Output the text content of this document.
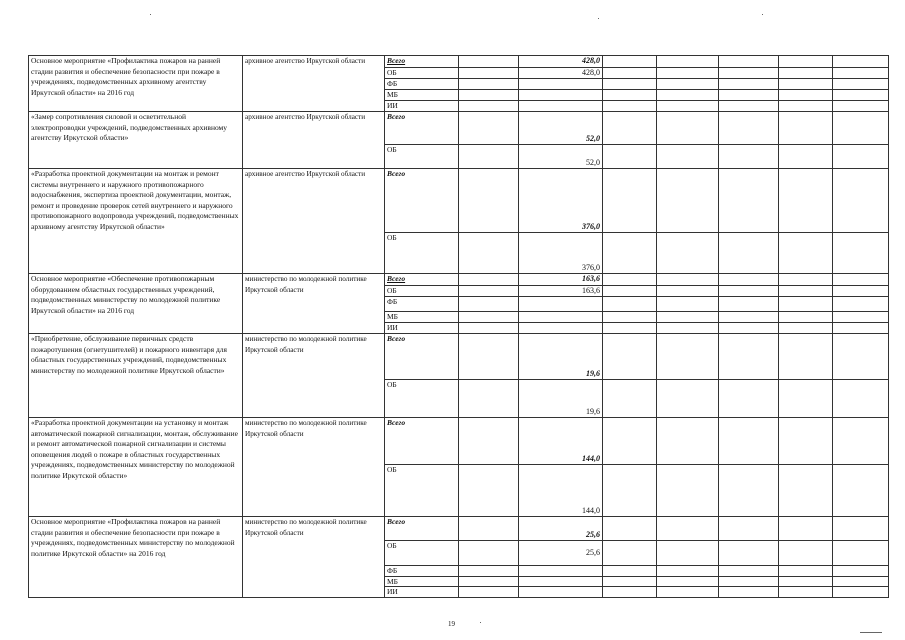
Основное мероприятие «Профилактика пожаров на ранней стадии развития и обеспечение безопасности при пожаре в учреждениях, подведомственных архивному агентству Иркутской области» на 2016 год	архивное агентство Иркутской области	Всего		428,0					
		ОБ		428,0					
		ФБ							
		МБ							
		ИИ							
«Замер сопротивления силовой и осветительной электропроводки учреждений, подведомственных архивному агентству Иркутской области»	архивное агентство Иркутской области	Всего		52,0					
		ОБ		52,0					
«Разработка проектной документации на монтаж и ремонт системы внутреннего и наружного противопожарного водоснабжения, экспертиза проектной документации, монтаж, ремонт и проведение проверок сетей внутреннего и наружного противопожарного водопровода учреждений, подведомственных архивному агентству Иркутской области»	архивное агентство Иркутской области	Всего		376,0					
		ОБ		376,0					
Основное мероприятие «Обеспечение противопожарным оборудованием областных государственных учреждений, подведомственных министерству по молодежной политике Иркутской области» на 2016 год	министерство по молодежной политике Иркутской области	Всего		163,6					
		ОБ		163,6					
		ФБ							
		МБ							
		ИИ							
«Приобретение, обслуживание первичных средств пожаротушения (огнетушителей) и пожарного инвентаря для областных государственных учреждений, подведомственных министерству по молодежной политике Иркутской области»	министерство по молодежной политике Иркутской области	Всего		19,6					
		ОБ		19,6					
«Разработка проектной документации на установку и монтаж автоматической пожарной сигнализации, монтаж, обслуживание и ремонт автоматической пожарной сигнализации и системы оповещения людей о пожаре в областных государственных учреждениях, подведомственных министерству по молодежной политике Иркутской области»	министерство по молодежной политике Иркутской области	Всего		144,0					
		ОБ		144,0					
Основное мероприятие «Профилактика пожаров на ранней стадии развития и обеспечение безопасности при пожаре в учреждениях, подведомственных министерству по молодежной политике Иркутской области» на 2016 год	министерство по молодежной политике Иркутской области	Всего		25,6					
		ОБ		25,6					
		ФБ							
		МБ							
		ИИ							
19
